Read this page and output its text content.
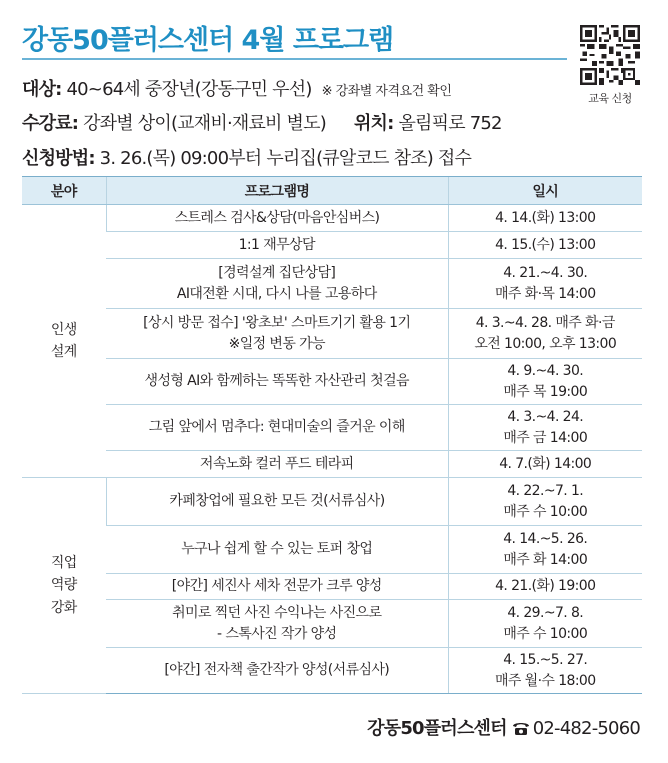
강동50플러스센터 4월 프로그램
교육 신청
대상: 40~64세 중장년(강동구민 우선) ※ 강좌별 자격요건 확인
수강료: 강좌별 상이(교재비·재료비 별도) 위치: 올림픽로 752
신청방법: 3. 26.(목) 09:00부터 누리집(큐알코드 참조) 접수
분야	프로그램명	일시

인생
설계	스트레스 검사&상담(마음안심버스)	4. 14.(화) 13:00

	1:1 재무상담	4. 15.(수) 13:00

	[경력설계 집단상담]
AI대전환 시대, 다시 나를 고용하다	4. 21.~4. 30.
매주 화·목 14:00

	[상시 방문 접수] '왕초보' 스마트기기 활용 1기
※일정 변동 가능	4. 3.~4. 28. 매주 화·금
오전 10:00, 오후 13:00

	생성형 AI와 함께하는 똑똑한 자산관리 첫걸음	4. 9.~4. 30.
매주 목 19:00

	그림 앞에서 멈추다: 현대미술의 즐거운 이해	4. 3.~4. 24.
매주 금 14:00

	저속노화 컬러 푸드 테라피	4. 7.(화) 14:00

직업
역량
강화	카페창업에 필요한 모든 것(서류심사)	4. 22.~7. 1.
매주 수 10:00

	누구나 쉽게 할 수 있는 토퍼 창업	4. 14.~5. 26.
매주 화 14:00

	[야간] 세진사 세차 전문가 크루 양성	4. 21.(화) 19:00

	취미로 찍던 사진 수익나는 사진으로
- 스톡사진 작가 양성	4. 29.~7. 8.
매주 수 10:00

	[야간] 전자책 출간작가 양성(서류심사)	4. 15.~5. 27.
매주 월·수 18:00
강동50플러스센터 02-482-5060
